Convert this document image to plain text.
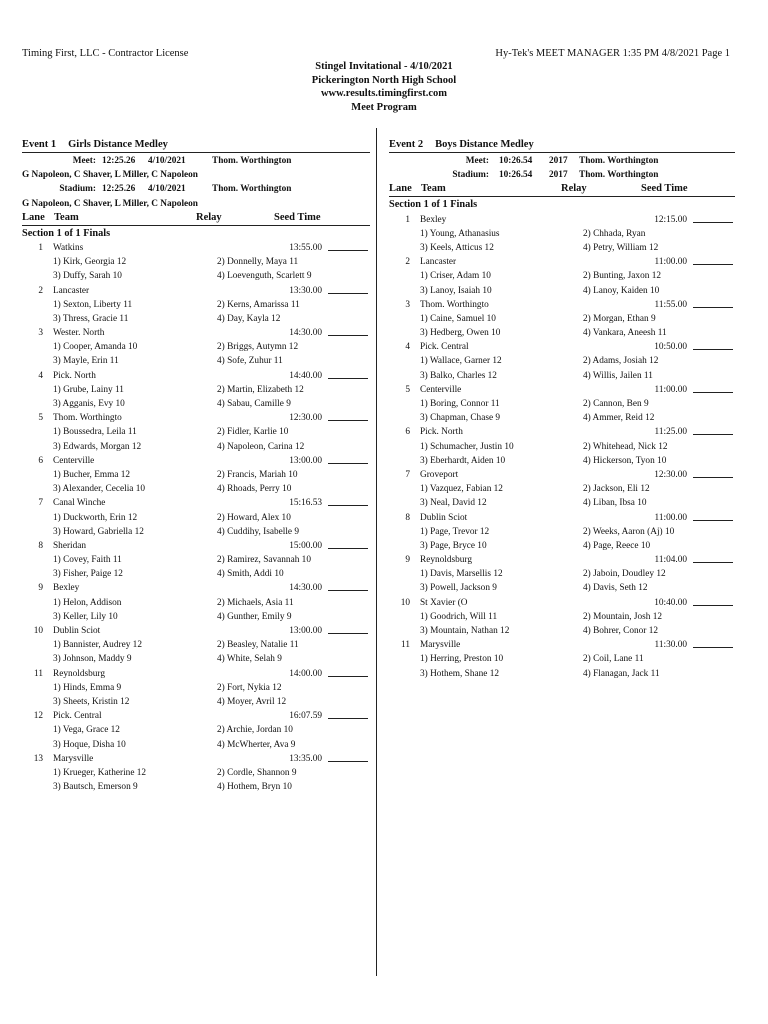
Timing First, LLC - Contractor License	Hy-Tek's MEET MANAGER 1:35 PM 4/8/2021 Page 1
Stingel Invitational - 4/10/2021
Pickerington North High School
www.results.timingfirst.com
Meet Program
Event 1 Girls Distance Medley
Meet: 12:25.26 4/10/2021	Thom. Worthington
G Napoleon, C Shaver, L Miller, C Napoleon
Stadium: 12:25.26 4/10/2021	Thom. Worthington
G Napoleon, C Shaver, L Miller, C Napoleon
Lane Team	Relay	Seed Time
Section 1 of 1 Finals
1 Watkins	13:55.00
1) Kirk, Georgia 12	2) Donnelly, Maya 11
3) Duffy, Sarah 10	4) Loevenguth, Scarlett 9
2 Lancaster	13:30.00
1) Sexton, Liberty 11	2) Kerns, Amarissa 11
3) Thress, Gracie 11	4) Day, Kayla 12
3 Wester. North	14:30.00
1) Cooper, Amanda 10	2) Briggs, Autymn 12
3) Mayle, Erin 11	4) Sofe, Zuhur 11
4 Pick. North	14:40.00
1) Grube, Lainy 11	2) Martin, Elizabeth 12
3) Agganis, Evy 10	4) Sabau, Camille 9
5 Thom. Worthingto	12:30.00
1) Boussedra, Leila 11	2) Fidler, Karlie 10
3) Edwards, Morgan 12	4) Napoleon, Carina 12
6 Centerville	13:00.00
1) Bucher, Emma 12	2) Francis, Mariah 10
3) Alexander, Cecelia 10	4) Rhoads, Perry 10
7 Canal Winche	15:16.53
1) Duckworth, Erin 12	2) Howard, Alex 10
3) Howard, Gabriella 12	4) Cuddihy, Isabelle 9
8 Sheridan	15:00.00
1) Covey, Faith 11	2) Ramirez, Savannah 10
3) Fisher, Paige 12	4) Smith, Addi 10
9 Bexley	14:30.00
1) Helon, Addison	2) Michaels, Asia 11
3) Keller, Lily 10	4) Gunther, Emily 9
10 Dublin Sciot	13:00.00
1) Bannister, Audrey 12	2) Beasley, Natalie 11
3) Johnson, Maddy 9	4) White, Selah 9
11 Reynoldsburg	14:00.00
1) Hinds, Emma 9	2) Fort, Nykia 12
3) Sheets, Kristin 12	4) Moyer, Avril 12
12 Pick. Central	16:07.59
1) Vega, Grace 12	2) Archie, Jordan 10
3) Hoque, Disha 10	4) McWherter, Ava 9
13 Marysville	13:35.00
1) Krueger, Katherine 12	2) Cordle, Shannon 9
3) Bautsch, Emerson 9	4) Hothem, Bryn 10
Event 2 Boys Distance Medley
Meet: 10:26.54 2017 Thom. Worthington
Stadium: 10:26.54 2017 Thom. Worthington
Lane Team	Relay	Seed Time
Section 1 of 1 Finals
1 Bexley	12:15.00
1) Young, Athanasius	2) Chhada, Ryan
3) Keels, Atticus 12	4) Petry, William 12
2 Lancaster	11:00.00
1) Criser, Adam 10	2) Bunting, Jaxon 12
3) Lanoy, Isaiah 10	4) Lanoy, Kaiden 10
3 Thom. Worthingto	11:55.00
1) Caine, Samuel 10	2) Morgan, Ethan 9
3) Hedberg, Owen 10	4) Vankara, Aneesh 11
4 Pick. Central	10:50.00
1) Wallace, Garner 12	2) Adams, Josiah 12
3) Balko, Charles 12	4) Willis, Jailen 11
5 Centerville	11:00.00
1) Boring, Connor 11	2) Cannon, Ben 9
3) Chapman, Chase 9	4) Ammer, Reid 12
6 Pick. North	11:25.00
1) Schumacher, Justin 10	2) Whitehead, Nick 12
3) Eberhardt, Aiden 10	4) Hickerson, Tyon 10
7 Groveport	12:30.00
1) Vazquez, Fabian 12	2) Jackson, Eli 12
3) Neal, David 12	4) Liban, Ibsa 10
8 Dublin Sciot	11:00.00
1) Page, Trevor 12	2) Weeks, Aaron (Aj) 10
3) Page, Bryce 10	4) Page, Reece 10
9 Reynoldsburg	11:04.00
1) Davis, Marsellis 12	2) Jaboin, Doudley 12
3) Powell, Jackson 9	4) Davis, Seth 12
10 St Xavier (O	10:40.00
1) Goodrich, Will 11	2) Mountain, Josh 12
3) Mountain, Nathan 12	4) Bohrer, Conor 12
11 Marysville	11:30.00
1) Herring, Preston 10	2) Coil, Lane 11
3) Hothem, Shane 12	4) Flanagan, Jack 11
